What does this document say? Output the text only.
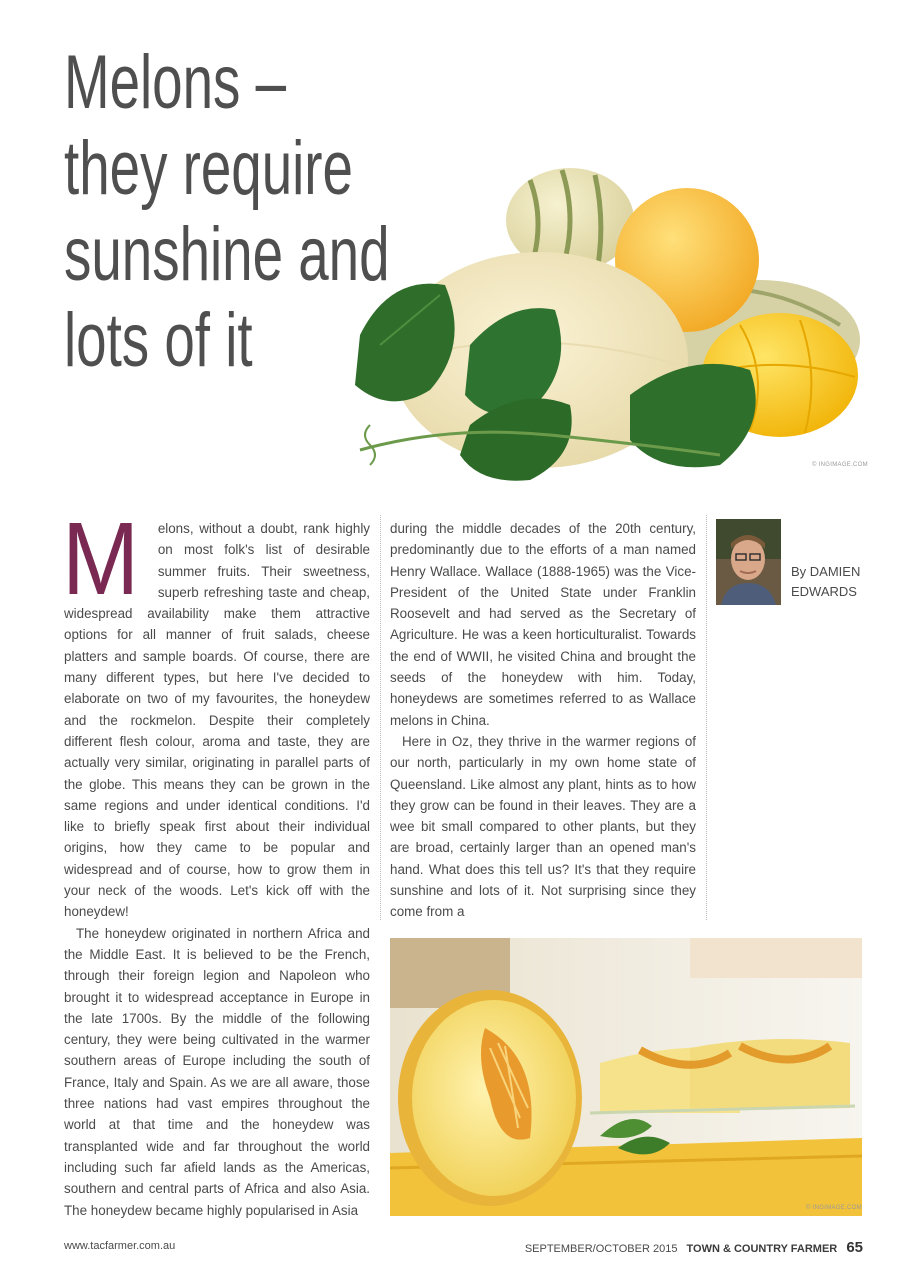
Melons –
they require
sunshine and
lots of it
© INGIMAGE.COM
M	elons, without a doubt, rank highly on most folk's list of desirable summer fruits. Their sweetness, superb refreshing taste and cheap, widespread availability make them attractive options for all manner of fruit salads, cheese platters and sample boards. Of course, there are many different types, but here I've decided to elaborate on two of my favourites, the honeydew and the rockmelon. Despite their completely different flesh colour, aroma and taste, they are actually very similar, originating in parallel parts of the globe. This means they can be grown in the same regions and under identical conditions. I'd like to briefly speak first about their individual origins, how they came to be popular and widespread and of course, how to grow them in your neck of the woods. Let's kick off with the honeydew!

The honeydew originated in northern Africa and the Middle East. It is believed to be the French, through their foreign legion and Napoleon who brought it to widespread acceptance in Europe in the late 1700s. By the middle of the following century, they were being cultivated in the warmer southern areas of Europe including the south of France, Italy and Spain. As we are all aware, those three nations had vast empires throughout the world at that time and the honeydew was transplanted wide and far throughout the world including such far afield lands as the Americas, southern and central parts of Africa and also Asia. The honeydew became highly popularised in Asia

during the middle decades of the 20th century, predominantly due to the efforts of a man named Henry Wallace. Wallace (1888-1965) was the Vice-President of the United State under Franklin Roosevelt and had served as the Secretary of Agriculture. He was a keen horticulturalist. Towards the end of WWII, he visited China and brought the seeds of the honeydew with him. Today, honeydews are sometimes referred to as Wallace melons in China.

Here in Oz, they thrive in the warmer regions of our north, particularly in my own home state of Queensland. Like almost any plant, hints as to how they grow can be found in their leaves. They are a wee bit small compared to other plants, but they are broad, certainly larger than an opened man's hand. What does this tell us? It's that they require sunshine and lots of it. Not surprising since they come from a

By DAMIEN
EDWARDS
© INGIMAGE.COM
www.tacfarmer.com.au	SEPTEMBER/OCTOBER 2015 TOWN & COUNTRY FARMER 65
